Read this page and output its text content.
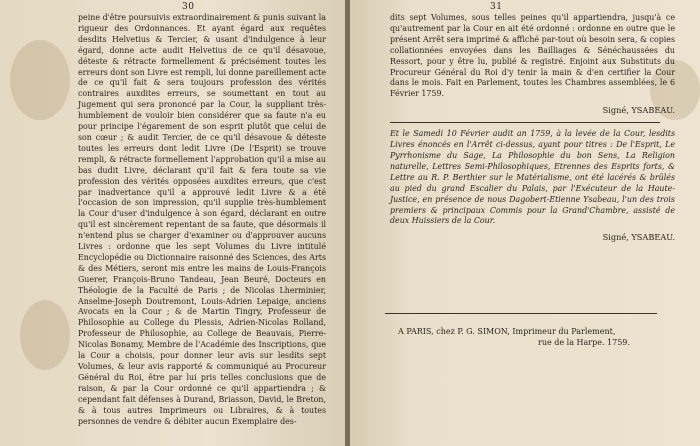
30

peine d'être poursuivis extraordinairement & punis suivant la rigueur des Ordonnances. Et ayant égard aux requêtes desdits Helvetius & Tercier, & usant d'indulgence à leur égard, donne acte audit Helvetius de ce qu'il désavoue, déteste & rétracte formellement & précisément toutes les erreurs dont son Livre est rempli, lui donne pareillement acte de ce qu'il fait & sera toujours profession des vérités contraires auxdites erreurs, se soumettant en tout au Jugement qui sera prononcé par la Cour, la suppliant très-humblement de vouloir bien considérer que sa faute n'a eu pour principe l'égarement de son esprit plutôt que celui de son cœur ; & audit Tercier, de ce qu'il désavoue & déteste toutes les erreurs dont ledit Livre (De l'Esprit) se trouve rempli, & rétracte formellement l'approbation qu'il a mise au bas dudit Livre, déclarant qu'il fait & fera toute sa vie profession des vérités opposées auxdites erreurs, que c'est par inadvertance qu'il a approuvé ledit Livre & a été l'occasion de son impression, qu'il supplie très-humblement la Cour d'user d'indulgence à son égard, déclarant en outre qu'il est sincèrement repentant de sa faute, que désormais il n'entend plus se charger d'examiner ou d'approuver aucuns Livres : ordonne que les sept Volumes du Livre intitulé Encyclopédie ou Dictionnaire raisonné des Sciences, des Arts & des Métiers, seront mis entre les mains de Louis-François Guerer, François-Bruno Tandeau, Jean Beuré, Docteurs en Théologie de la Faculté de Paris ; de Nicolas Lherminier, Anselme-Joseph Doutremont, Louis-Adrien Lepaige, anciens Avocats en la Cour ; & de Martin Tingry, Professeur de Philosophie au College du Plessis, Adrien-Nicolas Rolland, Professeur de Philosophie, au College de Beauvais, Pierre-Nicolas Bonamy, Membre de l'Académie des Inscriptions, que la Cour a choisis, pour donner leur avis sur lesdits sept Volumes, & leur avis rapporté & communiqué au Procureur Général du Roi, être par lui pris telles conclusions que de raison, & par la Cour ordonné ce qu'il appartiendra ; & cependant fait défenses à Durand, Briasson, David, le Breton, & à tous autres Imprimeurs ou Libraires, & à toutes personnes de vendre & débiter aucun Exemplaire des-

31

dits sept Volumes, sous telles peines qu'il appartiendra, jusqu'à ce qu'autrement par la Cour en ait été ordonné : ordonne en outre que le présent Arrêt sera imprimé & affiché par-tout où besoin sera, & copies collationnées envoyées dans les Bailliages & Sénéchaussées du Ressort, pour y être lu, publié & registré. Enjoint aux Substituts du Procureur Général du Roi d'y tenir la main & d'en certifier la Cour dans le mois. Fait en Parlement, toutes les Chambres assemblées, le 6 Février 1759.

Signé, YSABEAU.

Et le Samedi 10 Février audit an 1759, à la levée de la Cour, lesdits Livres énoncés en l'Arrêt ci-dessus, ayant pour titres : De l'Esprit, Le Pyrrhonisme du Sage, La Philosophie du bon Sens, La Religion naturelle, Lettres Semi-Philosophiques, Etrennes des Esprits forts, & Lettre au R. P. Berthier sur le Matérialisme, ont été lacérés & brûlés au pied du grand Escalier du Palais, par l'Exécuteur de la Haute-Justice, en présence de nous Dagobert-Etienne Ysabeau, l'un des trois premiers & principaux Commis pour la Grand'Chambre, assisté de deux Huissiers de la Cour.

Signé, YSABEAU.

A PARIS, chez P. G. SIMON, Imprimeur du Parlement,
rue de la Harpe. 1759.
